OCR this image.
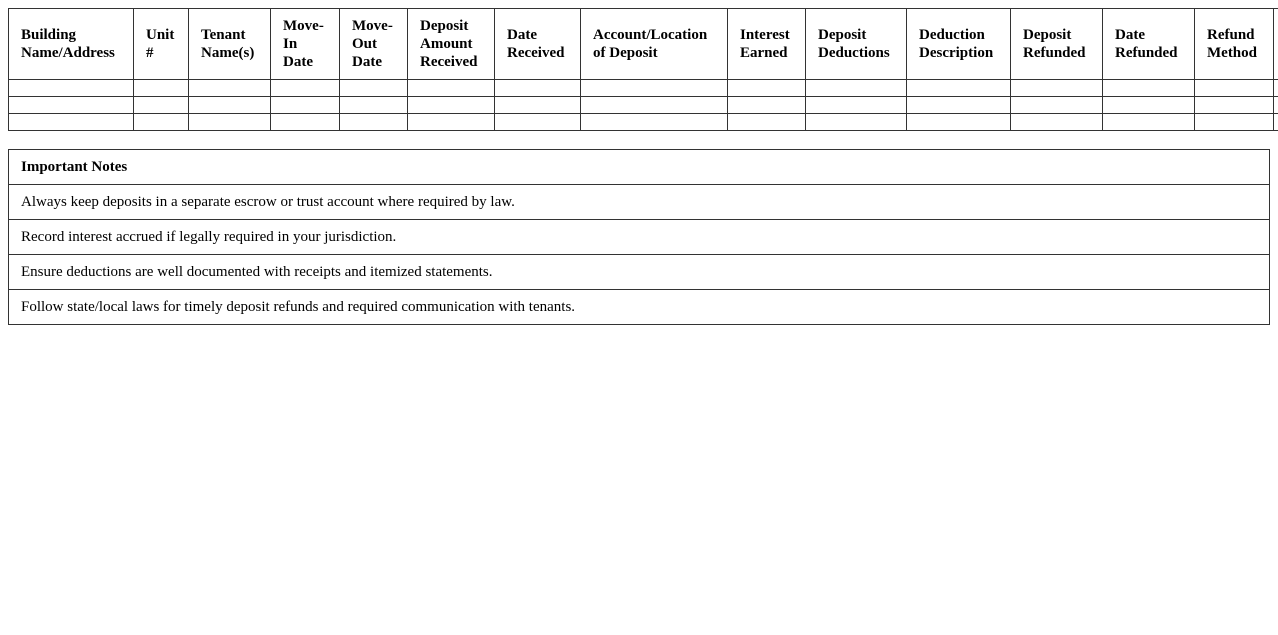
Building Name/Address	Unit #	Tenant Name(s)	Move-In Date	Move-Out Date	Deposit Amount Received	Date Received	Account/Location of Deposit	Interest Earned	Deposit Deductions	Deduction Description	Deposit Refunded	Date Refunded	Refund Method	

Important Notes
Always keep deposits in a separate escrow or trust account where required by law.
Record interest accrued if legally required in your jurisdiction.
Ensure deductions are well documented with receipts and itemized statements.
Follow state/local laws for timely deposit refunds and required communication with tenants.
